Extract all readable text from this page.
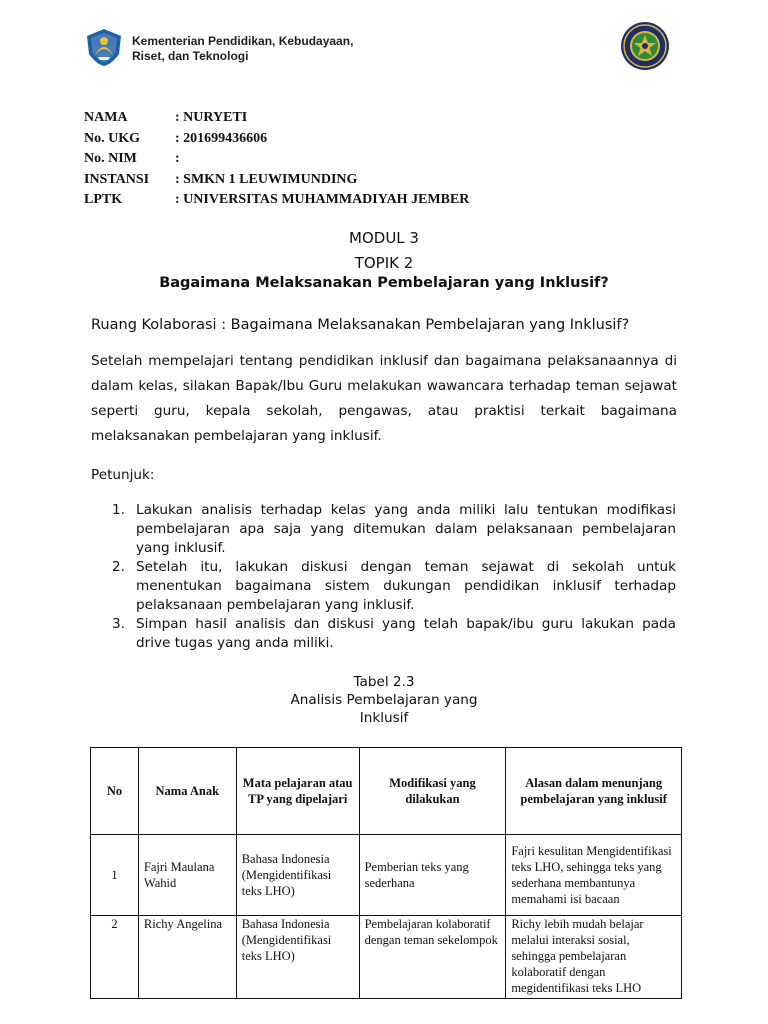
Kementerian Pendidikan, Kebudayaan,
Riset, dan Teknologi
NAMA	: NURYETI
No. UKG	: 201699436606
No. NIM	:
INSTANSI : SMKN 1 LEUWIMUNDING
LPTK	: UNIVERSITAS MUHAMMADIYAH JEMBER
MODUL 3
TOPIK 2
Bagaimana Melaksanakan Pembelajaran yang Inklusif?
Ruang Kolaborasi : Bagaimana Melaksanakan Pembelajaran yang Inklusif?
Setelah mempelajari tentang pendidikan inklusif dan bagaimana pelaksanaannya di dalam kelas, silakan Bapak/Ibu Guru melakukan wawancara terhadap teman sejawat seperti guru, kepala sekolah, pengawas, atau praktisi terkait bagaimana melaksanakan pembelajaran yang inklusif.
Petunjuk:
1. Lakukan analisis terhadap kelas yang anda miliki lalu tentukan modifikasi pembelajaran apa saja yang ditemukan dalam pelaksanaan pembelajaran yang inklusif.
2. Setelah itu, lakukan diskusi dengan teman sejawat di sekolah untuk menentukan bagaimana sistem dukungan pendidikan inklusif terhadap pelaksanaan pembelajaran yang inklusif.
3. Simpan hasil analisis dan diskusi yang telah bapak/ibu guru lakukan pada drive tugas yang anda miliki.
Tabel 2.3
Analisis Pembelajaran yang
Inklusif
No	Nama Anak	Mata pelajaran atau TP yang dipelajari	Modifikasi yang dilakukan	Alasan dalam menunjang pembelajaran yang inklusif
1	Fajri Maulana Wahid	Bahasa Indonesia (Mengidentifikasi teks LHO)	Pemberian teks yang sederhana	Fajri kesulitan Mengidentifikasi teks LHO, sehingga teks yang sederhana membantunya memahami isi bacaan
2	Richy Angelina	Bahasa Indonesia (Mengidentifikasi teks LHO)	Pembelajaran kolaboratif dengan teman sekelompok	Richy lebih mudah belajar melalui interaksi sosial, sehingga pembelajaran kolaboratif dengan megidentifikasi teks LHO
